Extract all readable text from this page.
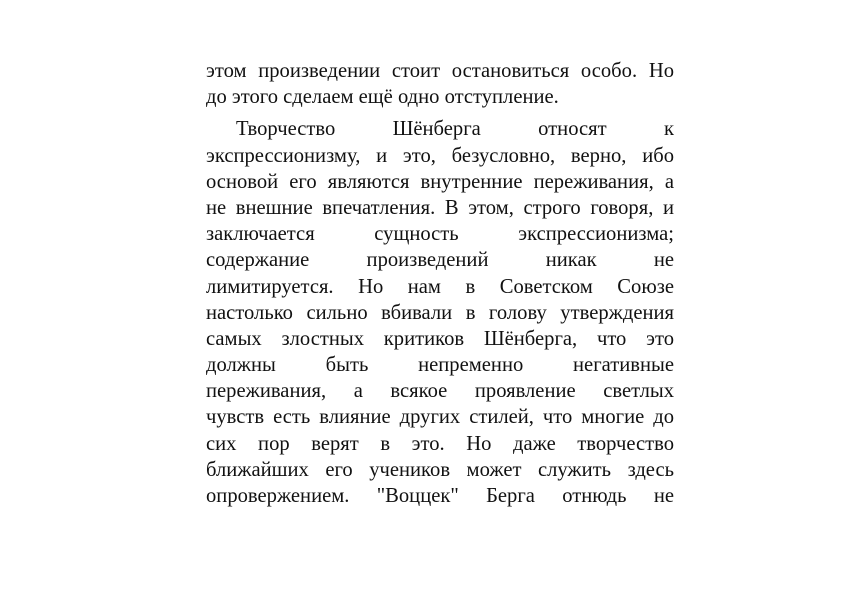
этом произведении стоит остановиться особо. Но
до этого сделаем ещё одно отступление.
Творчество Шёнберга относят к
экспрессионизму, и это, безусловно, верно, ибо
основой его являются внутренние переживания, а
не внешние впечатления. В этом, строго говоря, и
заключается сущность экспрессионизма;
содержание произведений никак не
лимитируется. Но нам в Советском Союзе
настолько сильно вбивали в голову утверждения
самых злостных критиков Шёнберга, что это
должны быть непременно негативные
переживания, а всякое проявление светлых
чувств есть влияние других стилей, что многие до
сих пор верят в это. Но даже творчество
ближайших его учеников может служить здесь
опровержением. "Воццек" Берга отнюдь не
